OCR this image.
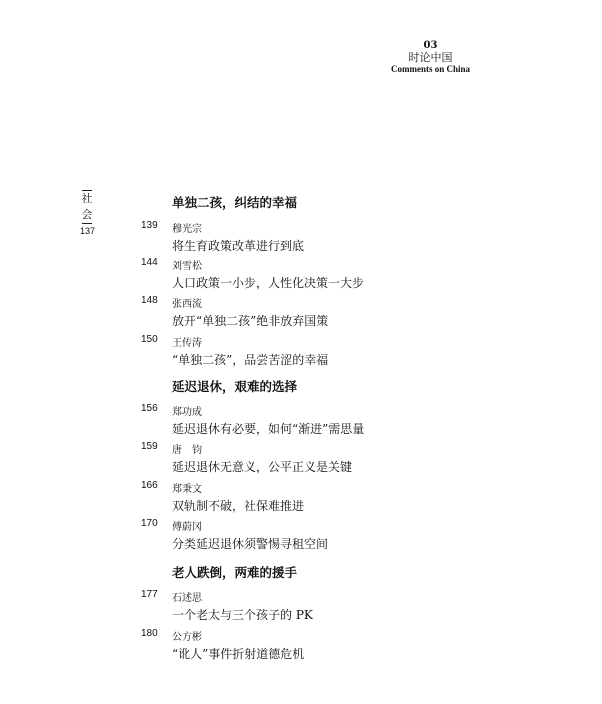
03
时论中国
Comments on China
社
会
137
单独二孩，纠结的幸福
139 穆光宗
将生育政策改革进行到底
144 刘雪松
人口政策一小步，人性化决策一大步
148 张西流
放开“单独二孩”绝非放弃国策
150 王传涛
“单独二孩”，品尝苦涩的幸福
延迟退休，艰难的选择
156 郑功成
延迟退休有必要，如何“渐进”需思量
159 唐　钧
延迟退休无意义，公平正义是关键
166 郑秉文
双轨制不破，社保难推进
170 傅蔚冈
分类延迟退休须警惕寻租空间
老人跌倒，两难的援手
177 石述思
一个老太与三个孩子的 PK
180 公方彬
“讹人”事件折射道德危机
